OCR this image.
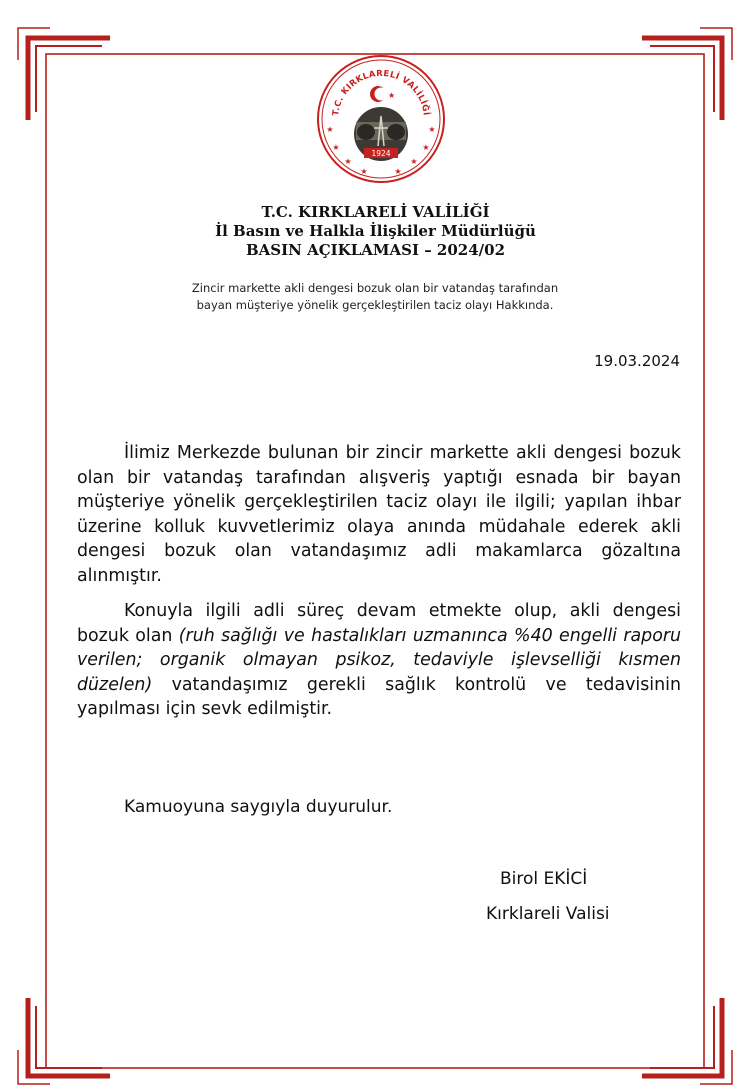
T.C. KIRKLARELİ VALİLİĞİ
★
★
★
★	★
★
★
★
★
1924
T.C. KIRKLARELİ VALİLİĞİ
İl Basın ve Halkla İlişkiler Müdürlüğü
BASIN AÇIKLAMASI – 2024/02
Zincir markette akli dengesi bozuk olan bir vatandaş tarafından
bayan müşteriye yönelik gerçekleştirilen taciz olayı Hakkında.
19.03.2024

İlimiz Merkezde bulunan bir zincir markette akli dengesi bozuk olan bir vatandaş tarafından alışveriş yaptığı esnada bir bayan müşteriye yönelik gerçekleştirilen taciz olayı ile ilgili; yapılan ihbar üzerine kolluk kuvvetlerimiz olaya anında müdahale ederek akli dengesi bozuk olan vatandaşımız adli makamlarca gözaltına alınmıştır.

Konuyla ilgili adli süreç devam etmekte olup, akli dengesi bozuk olan (ruh sağlığı ve hastalıkları uzmanınca %40 engelli raporu verilen; organik olmayan psikoz, tedaviyle işlevselliği kısmen düzelen) vatandaşımız gerekli sağlık kontrolü ve tedavisinin yapılması için sevk edilmiştir.

Kamuoyuna saygıyla duyurulur.
Birol EKİCİ
Kırklareli Valisi
